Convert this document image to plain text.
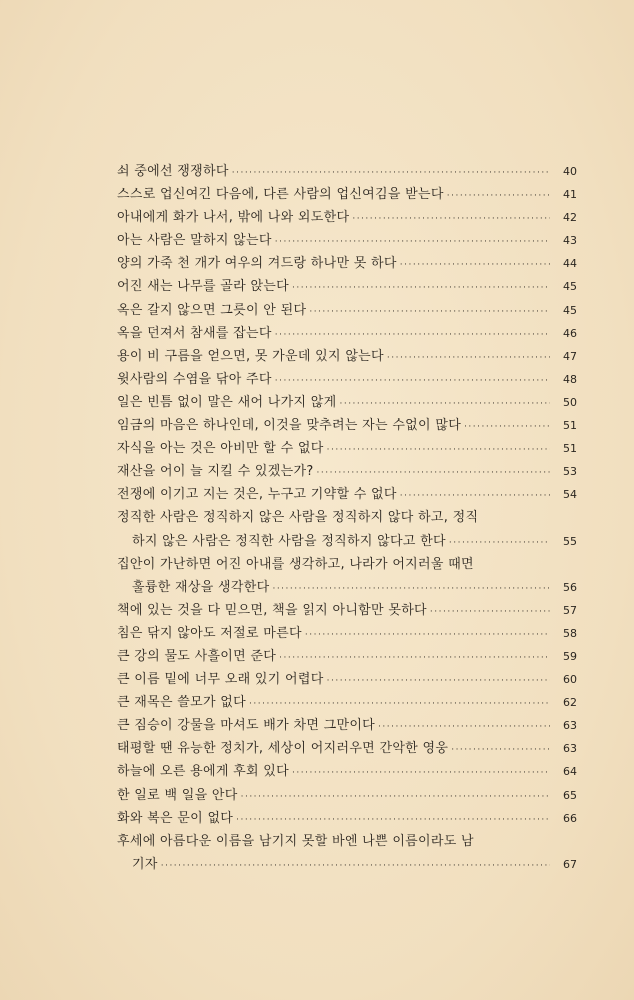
쇠 중에선 쟁쟁하다 ·····	40
스스로 업신여긴 다음에, 다른 사람의 업신여김을 받는다 ·····	41
아내에게 화가 나서, 밖에 나와 외도한다 ·····	42
아는 사람은 말하지 않는다 ·····	43
양의 가죽 천 개가 여우의 겨드랑 하나만 못 하다 ·····	44
어진 새는 나무를 골라 앉는다 ·····	45
옥은 갈지 않으면 그릇이 안 된다 ·····	45
옥을 던져서 참새를 잡는다 ·····	46
용이 비 구름을 얻으면, 못 가운데 있지 않는다 ·····	47
윗사람의 수염을 닦아 주다 ·····	48
일은 빈틈 없이 말은 새어 나가지 않게 ·····	50
임금의 마음은 하나인데, 이것을 맞추려는 자는 수없이 많다 ·····	51
자식을 아는 것은 아비만 할 수 없다 ·····	51
재산을 어이 늘 지킬 수 있겠는가? ·····	53
전쟁에 이기고 지는 것은, 누구고 기약할 수 없다 ·····	54
정직한 사람은 정직하지 않은 사람을 정직하지 않다 하고, 정직
하지 않은 사람은 정직한 사람을 정직하지 않다고 한다 ·····	55
집안이 가난하면 어진 아내를 생각하고, 나라가 어지러울 때면
훌륭한 재상을 생각한다 ·····	56
책에 있는 것을 다 믿으면, 책을 읽지 아니함만 못하다 ·····	57
침은 닦지 않아도 저절로 마른다 ·····	58
큰 강의 물도 사흘이면 준다 ·····	59
큰 이름 밑에 너무 오래 있기 어렵다 ·····	60
큰 재목은 쓸모가 없다 ·····	62
큰 짐승이 강물을 마셔도 배가 차면 그만이다 ·····	63
태평할 땐 유능한 정치가, 세상이 어지러우면 간악한 영웅 ·····	63
하늘에 오른 용에게 후회 있다 ·····	64
한 일로 백 일을 안다 ·····	65
화와 복은 문이 없다 ·····	66
후세에 아름다운 이름을 남기지 못할 바엔 나쁜 이름이라도 남
기자 ·····	67
